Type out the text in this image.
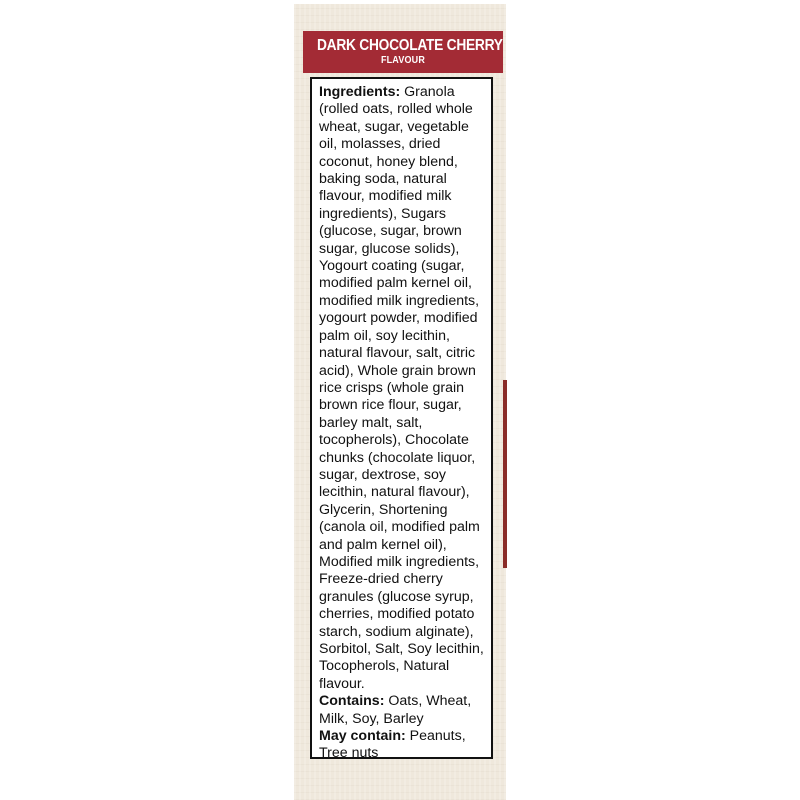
DARK CHOCOLATE CHERRY
FLAVOUR

Ingredients: Granola (rolled oats, rolled whole wheat, sugar, vegetable oil, molasses, dried coconut, honey blend, baking soda, natural flavour, modified milk ingredients), Sugars (glucose, sugar, brown sugar, glucose solids), Yogourt coating (sugar, modified palm kernel oil, modified milk ingredients, yogourt powder, modified palm oil, soy lecithin, natural flavour, salt, citric acid), Whole grain brown rice crisps (whole grain brown rice flour, sugar, barley malt, salt, tocopherols), Chocolate chunks (chocolate liquor, sugar, dextrose, soy lecithin, natural flavour), Glycerin, Shortening (canola oil, modified palm and palm kernel oil), Modified milk ingredients, Freeze-dried cherry granules (glucose syrup, cherries, modified potato starch, sodium alginate), Sorbitol, Salt, Soy lecithin, Tocopherols, Natural flavour.

Contains: Oats, Wheat, Milk, Soy, Barley

May contain: Peanuts, Tree nuts
